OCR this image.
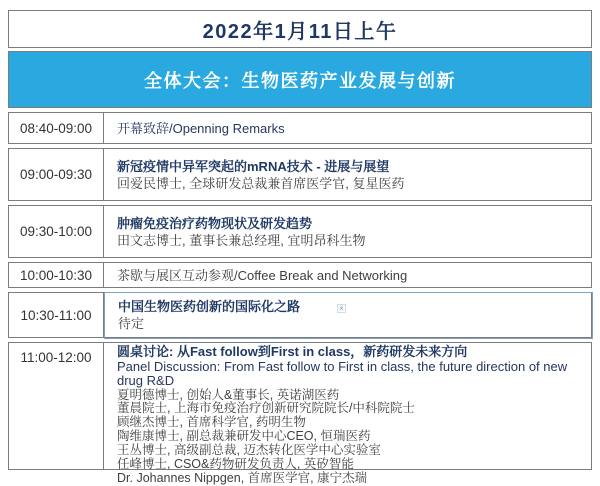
2022年1月11日上午
全体大会：生物医药产业发展与创新
08:40-09:00 开幕致辞/Openning Remarks
09:00-09:30
新冠疫情中异军突起的mRNA技术 - 进展与展望
回爱民博士, 全球研发总裁兼首席医学官, 复星医药
09:30-10:00
肿瘤免疫治疗药物现状及研发趋势
田文志博士, 董事长兼总经理, 宜明昂科生物
10:00-10:30 茶歇与展区互动参观/Coffee Break and Networking
10:30-11:00
中国生物医药创新的国际化之路
待定
×
11:00-12:00 圆桌讨论: 从Fast follow到First in class，新药研发未来方向
Panel Discussion: From Fast follow to First in class, the future direction of new drug R&D
夏明德博士, 创始人&董事长, 英诺湖医药
董晨院士, 上海市免疫治疗创新研究院院长/中科院院士
顾继杰博士, 首席科学官, 药明生物
陶维康博士, 副总裁兼研发中心CEO, 恒瑞医药
王丛博士, 高级副总裁, 迈杰转化医学中心实验室
任峰博士, CSO&药物研发负责人, 英矽智能
Dr. Johannes Nippgen, 首席医学官, 康宁杰瑞
